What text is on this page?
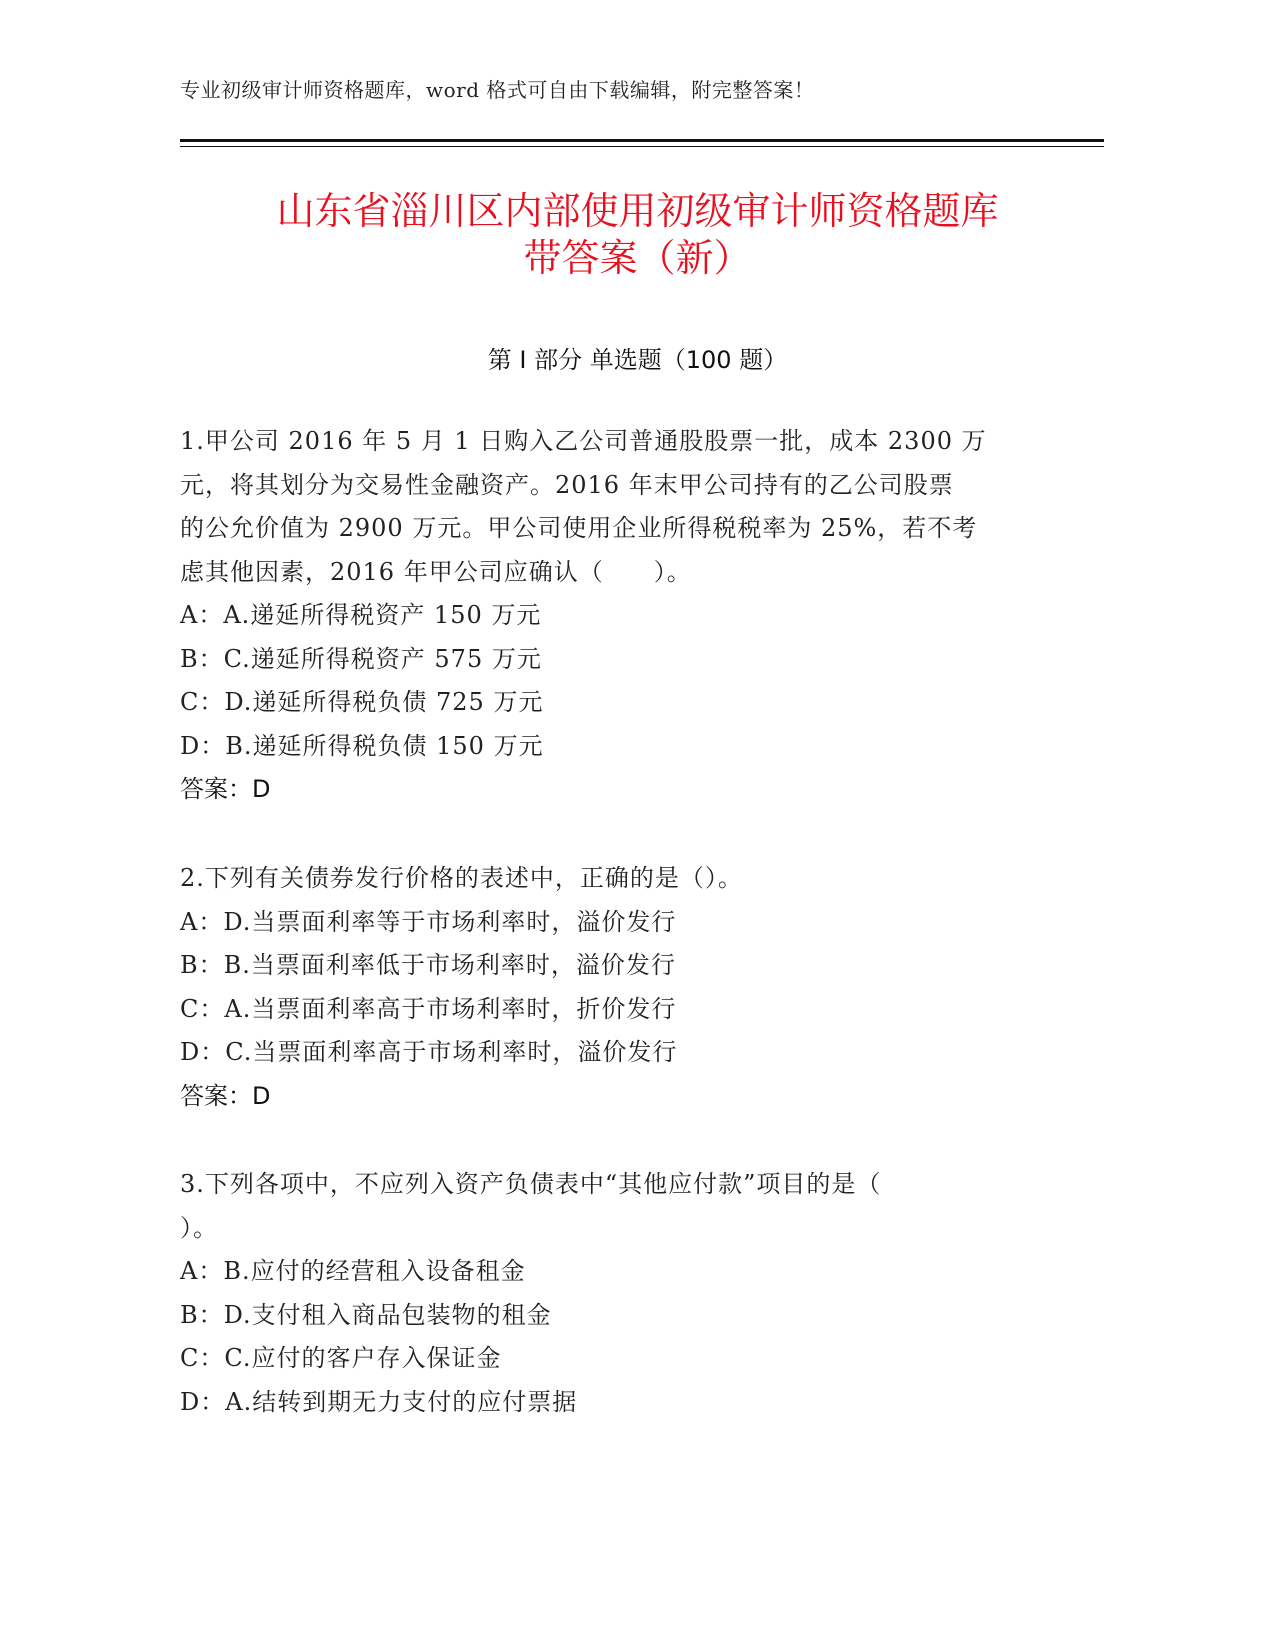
专业初级审计师资格题库，word 格式可自由下载编辑，附完整答案！
山东省淄川区内部使用初级审计师资格题库
带答案（新）
第 I 部分 单选题（100 题）

1.甲公司 2016 年 5 月 1 日购入乙公司普通股股票一批，成本 2300 万

元，将其划分为交易性金融资产。2016 年末甲公司持有的乙公司股票

的公允价值为 2900 万元。甲公司使用企业所得税税率为 25%，若不考

虑其他因素，2016 年甲公司应确认（　　）。

A：A.递延所得税资产 150 万元

B：C.递延所得税资产 575 万元

C：D.递延所得税负债 725 万元

D：B.递延所得税负债 150 万元

答案：D

2.下列有关债券发行价格的表述中，正确的是（）。

A：D.当票面利率等于市场利率时，溢价发行

B：B.当票面利率低于市场利率时，溢价发行

C：A.当票面利率高于市场利率时，折价发行

D：C.当票面利率高于市场利率时，溢价发行

答案：D

3.下列各项中，不应列入资产负债表中“其他应付款”项目的是（

）。

A：B.应付的经营租入设备租金

B：D.支付租入商品包装物的租金

C：C.应付的客户存入保证金

D：A.结转到期无力支付的应付票据
